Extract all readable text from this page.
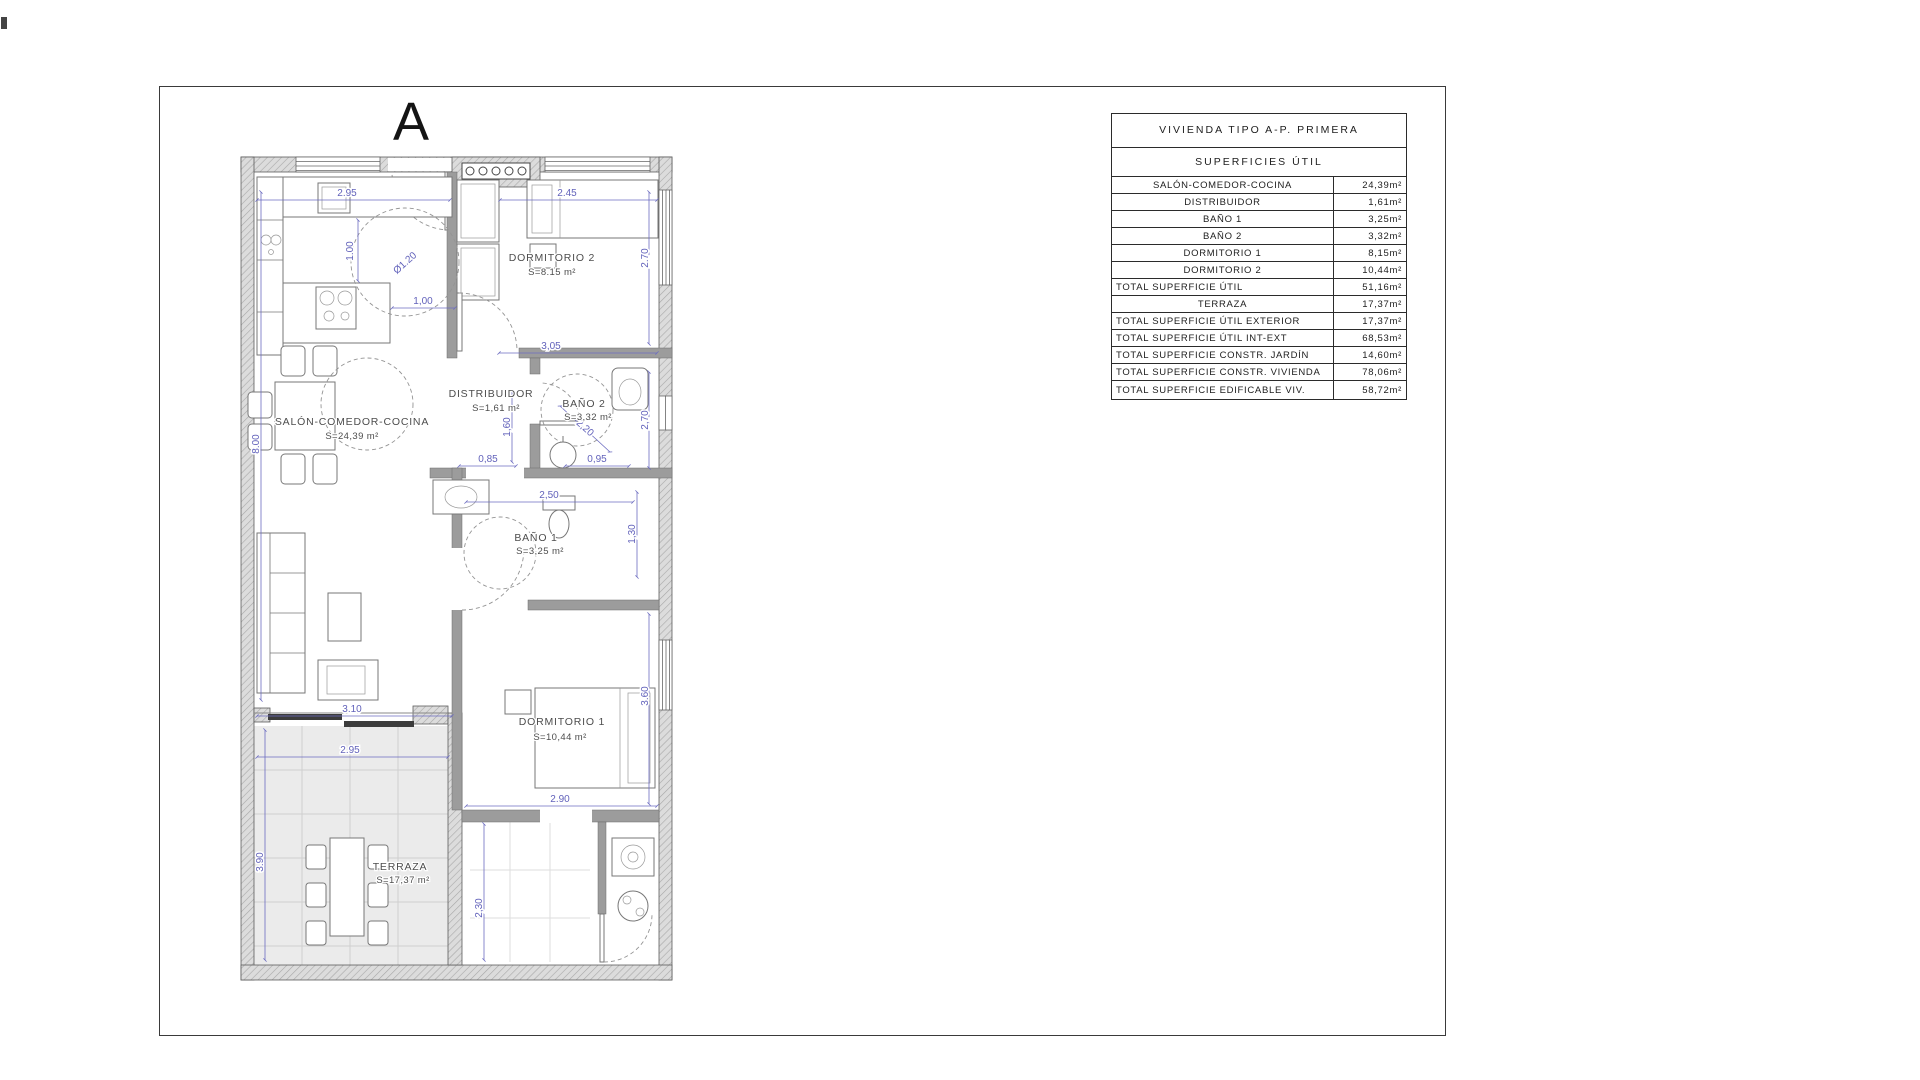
A
2.95	2.45
1.00	Ø1.20
1,00
2.70
3,05
1,60	2,20
0,85	0,95
2,50
1,30
2,70
3.10
2.95
3.90
8.00
2.90
2,30
3.60
DORMITORIO 2
S=8.15 m²
SALÓN-COMEDOR-COCINA
S=24,39 m²
DISTRIBUIDOR
S=1,61 m²	BAÑO 2
S=3,32 m²
BAÑO 1
S=3,25 m²
DORMITORIO 1
S=10,44 m²
TERRAZA
S=17,37 m²
VIVIENDA TIPO A-P. PRIMERA
SUPERFICIES ÚTIL
SALÓN-COMEDOR-COCINA	24,39m²
DISTRIBUIDOR	1,61m²
BAÑO 1	3,25m²
BAÑO 2	3,32m²
DORMITORIO 1	8,15m²
DORMITORIO 2	10,44m²
TOTAL SUPERFICIE ÚTIL	51,16m²
TERRAZA	17,37m²
TOTAL SUPERFICIE ÚTIL EXTERIOR	17,37m²
TOTAL SUPERFICIE ÚTIL INT-EXT	68,53m²
TOTAL SUPERFICIE CONSTR. JARDÍN	14,60m²
TOTAL SUPERFICIE CONSTR. VIVIENDA	78,06m²
TOTAL SUPERFICIE EDIFICABLE VIV.	58,72m²
